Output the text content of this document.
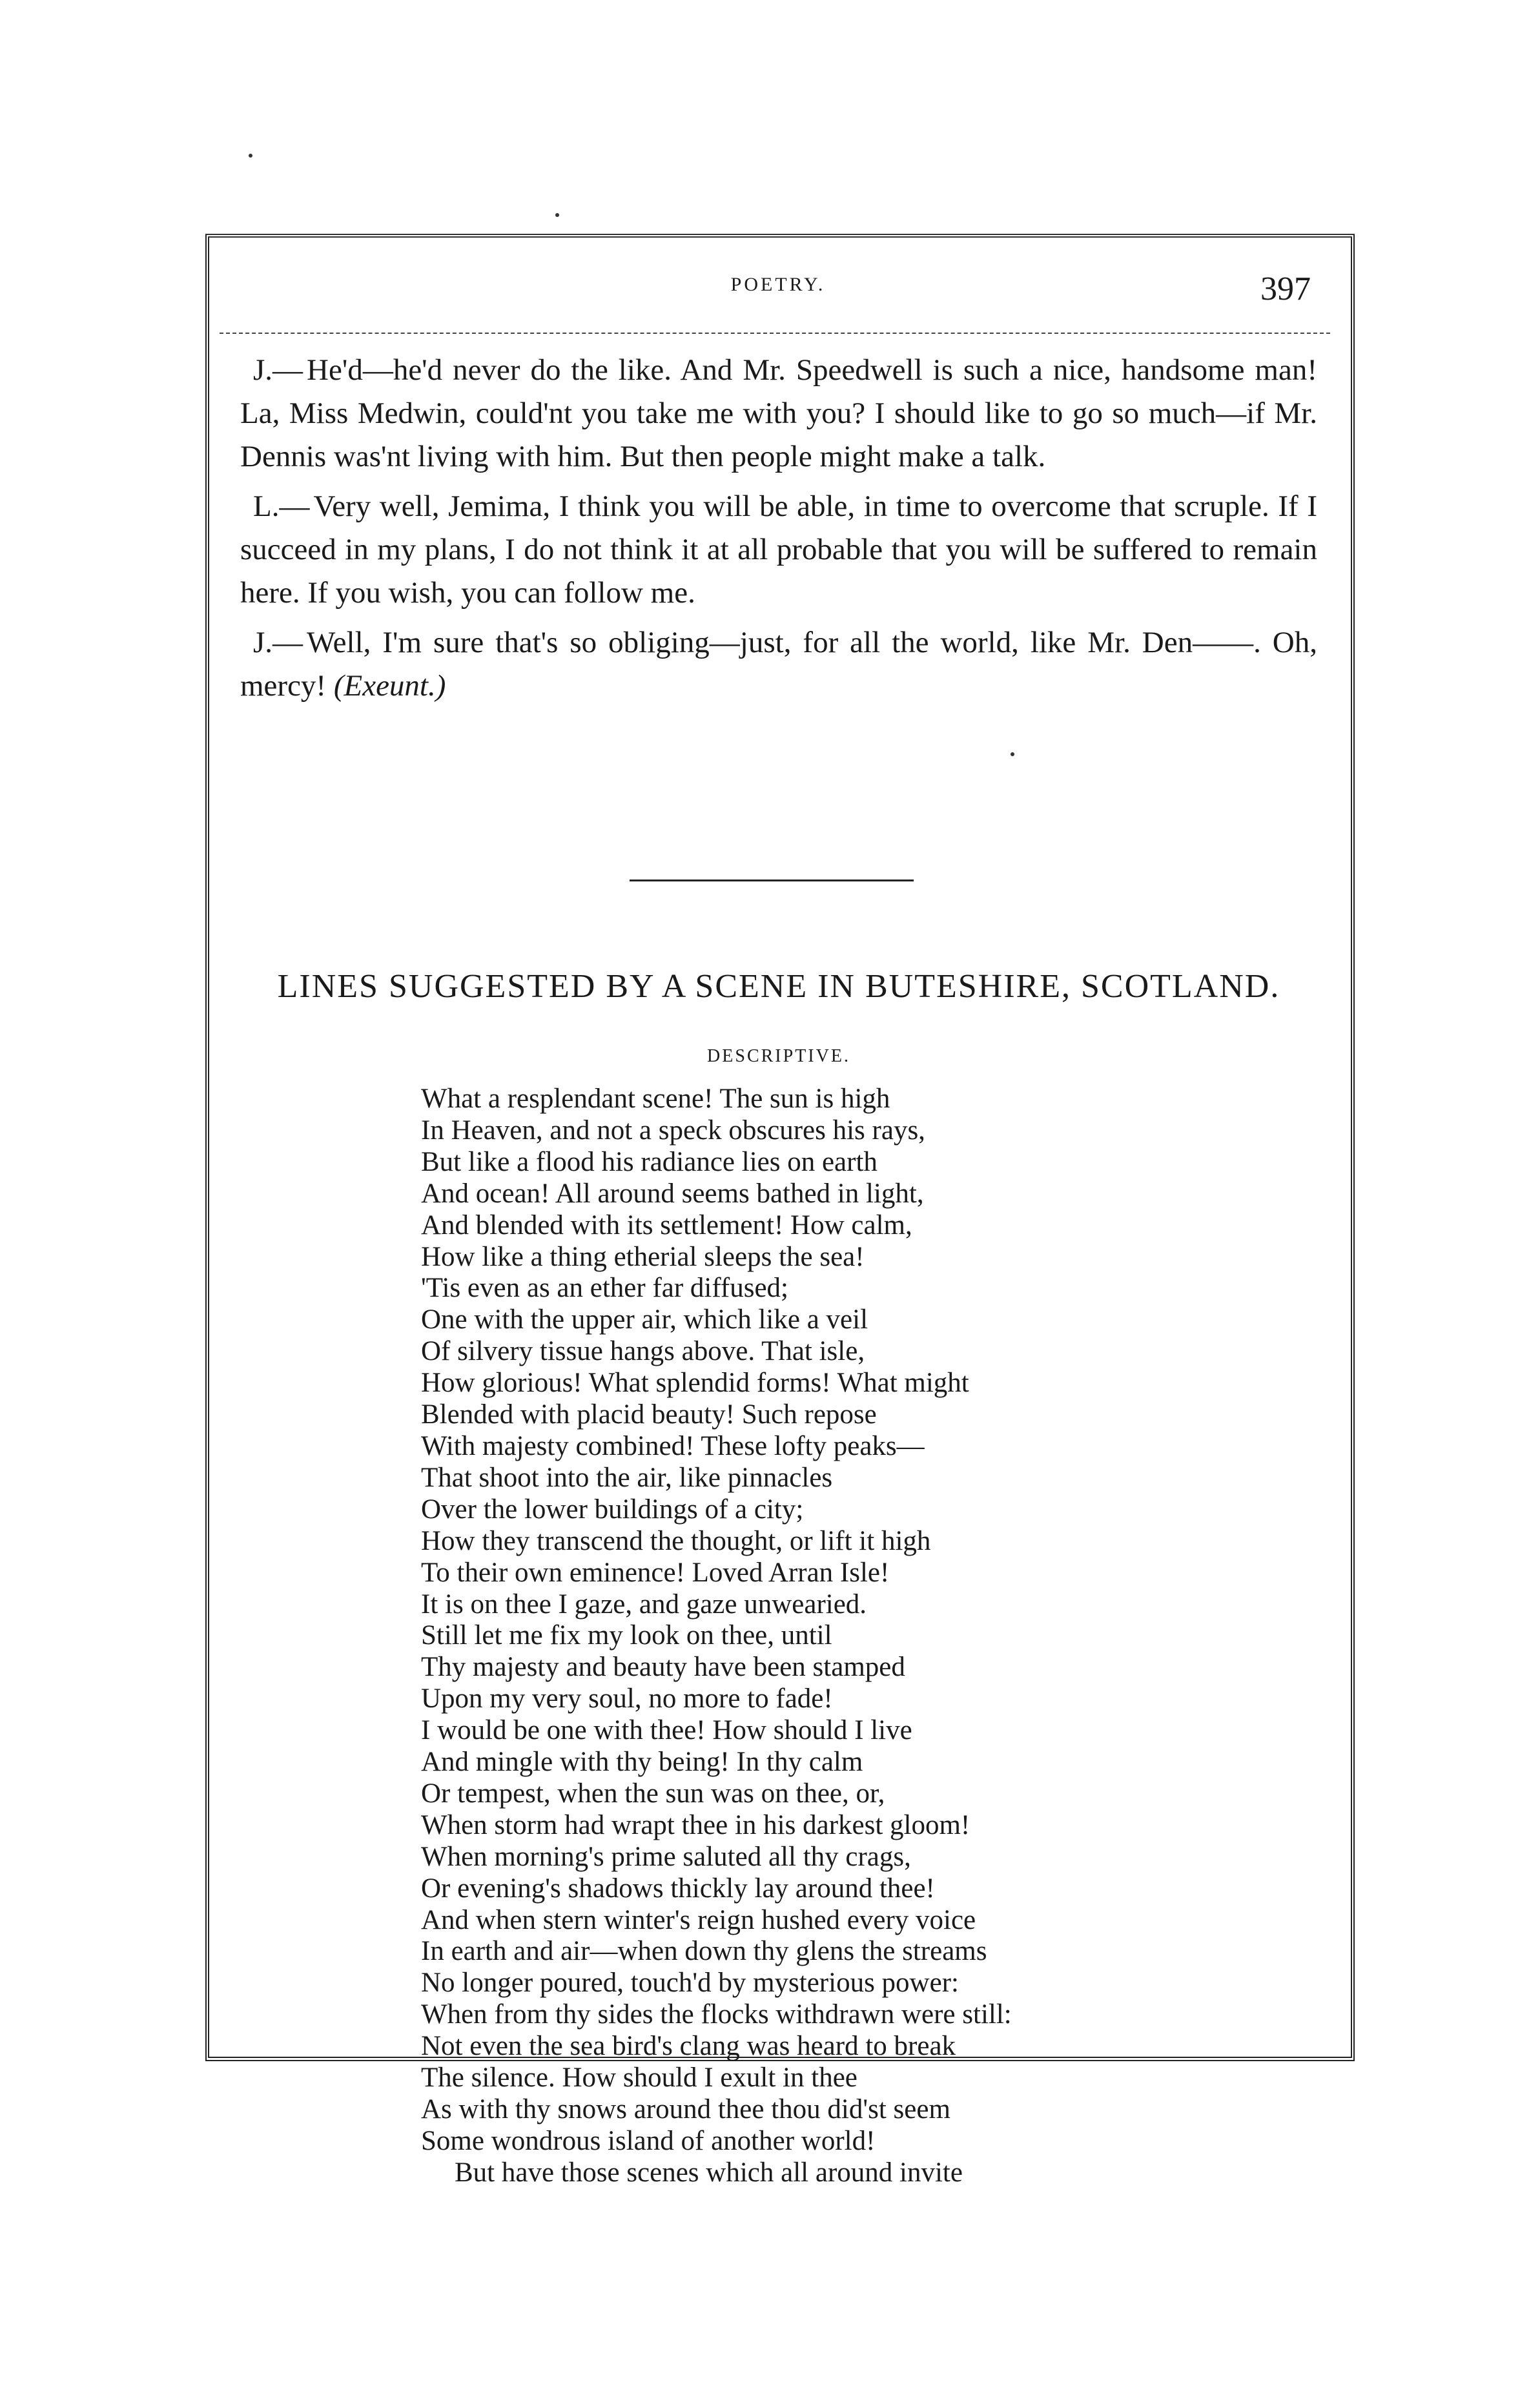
POETRY.	397

J.— He'd—he'd never do the like. And Mr. Speedwell is such a nice, handsome man! La, Miss Medwin, could'nt you take me with you? I should like to go so much—if Mr. Dennis was'nt living with him. But then people might make a talk.

L.— Very well, Jemima, I think you will be able, in time to overcome that scruple. If I succeed in my plans, I do not think it at all probable that you will be suffered to remain here. If you wish, you can follow me.

J.— Well, I'm sure that's so obliging—just, for all the world, like Mr. Den——. Oh, mercy! (Exeunt.)

LINES SUGGESTED BY A SCENE IN BUTESHIRE, SCOTLAND.
DESCRIPTIVE.
What a resplendant scene! The sun is high
In Heaven, and not a speck obscures his rays,
But like a flood his radiance lies on earth
And ocean! All around seems bathed in light,
And blended with its settlement! How calm,
How like a thing etherial sleeps the sea!
'Tis even as an ether far diffused;
One with the upper air, which like a veil
Of silvery tissue hangs above. That isle,
How glorious! What splendid forms! What might
Blended with placid beauty! Such repose
With majesty combined! These lofty peaks—
That shoot into the air, like pinnacles
Over the lower buildings of a city;
How they transcend the thought, or lift it high
To their own eminence! Loved Arran Isle!
It is on thee I gaze, and gaze unwearied.
Still let me fix my look on thee, until
Thy majesty and beauty have been stamped
Upon my very soul, no more to fade!
I would be one with thee! How should I live
And mingle with thy being! In thy calm
Or tempest, when the sun was on thee, or,
When storm had wrapt thee in his darkest gloom!
When morning's prime saluted all thy crags,
Or evening's shadows thickly lay around thee!
And when stern winter's reign hushed every voice
In earth and air—when down thy glens the streams
No longer poured, touch'd by mysterious power:
When from thy sides the flocks withdrawn were still:
Not even the sea bird's clang was heard to break
The silence. How should I exult in thee
As with thy snows around thee thou did'st seem
Some wondrous island of another world!
But have those scenes which all around invite
